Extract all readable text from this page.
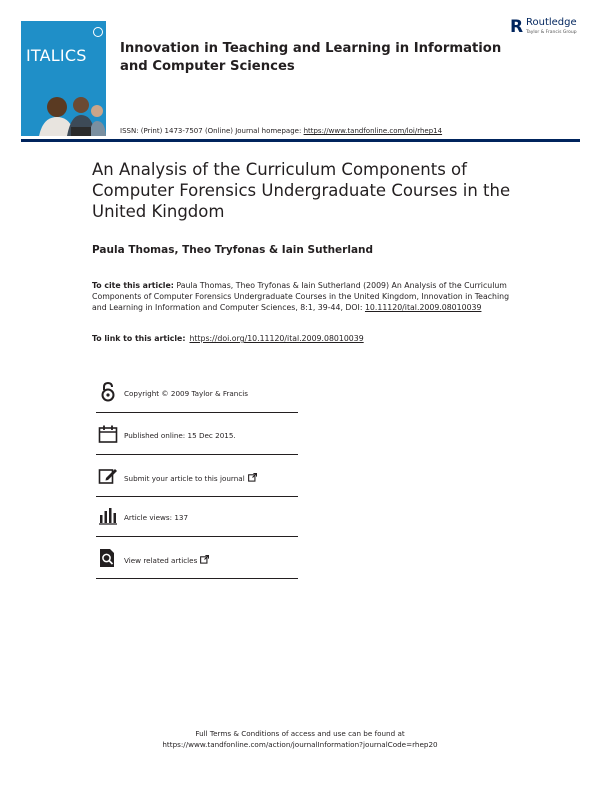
ITALICS	Innovation in Teaching and Learning in Information and Computer Sciences
R Routledge
Taylor & Francis Group
ISSN: (Print) 1473-7507 (Online) Journal homepage: https://www.tandfonline.com/loi/rhep14
An Analysis of the Curriculum Components of Computer Forensics Undergraduate Courses in the United Kingdom
Paula Thomas, Theo Tryfonas & Iain Sutherland
To cite this article: Paula Thomas, Theo Tryfonas & Iain Sutherland (2009) An Analysis of the Curriculum Components of Computer Forensics Undergraduate Courses in the United Kingdom, Innovation in Teaching and Learning in Information and Computer Sciences, 8:1, 39-44, DOI: 10.11120/ital.2009.08010039
To link to this article: https://doi.org/10.11120/ital.2009.08010039
Copyright © 2009 Taylor & Francis
Published online: 15 Dec 2015.
Submit your article to this journal
Article views: 137
View related articles
Full Terms & Conditions of access and use can be found at
https://www.tandfonline.com/action/journalInformation?journalCode=rhep20
